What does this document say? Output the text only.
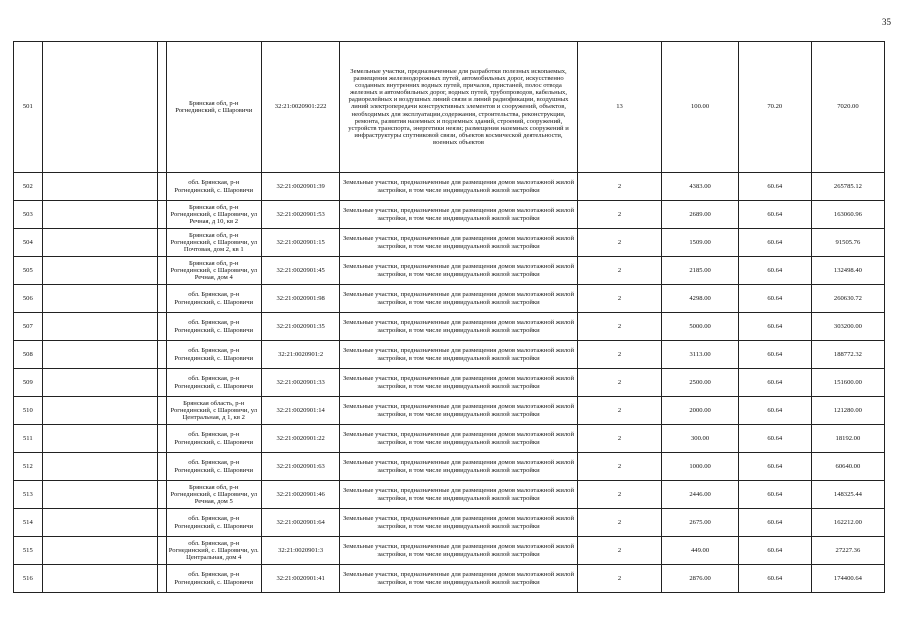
35
501			Брянская обл, р-н Рогнединский, с Шаровичи	32:21:0020901:222	Земельные участки, предназначенные для разработки полезных ископаемых, размещения железнодорожных путей, автомобильных дорог, искусственно созданных внутренних водных путей, причалов, пристаней, полос отвода железных и автомобильных дорог, водных путей, трубопроводов, кабельных, радиорелейных и воздушных линий связи и линий радиофикации, воздушных линий электропередачи конструктивных элементов и сооружений, объектов, необходимых для эксплуатации,содержания, строительства, реконструкции, ремонта, развития наземных и подземных зданий, строений, сооружений, устройств транспорта, энергетики неязи; размещения наземных сооружений и инфраструктуры спутниковой связи, объектов космической деятельности, военных объектов	13	100.00	70.20	7020.00
502			обл. Брянская, р-н Рогнединский, с. Шаровичи	32:21:0020901:39	Земельные участки, предназначенные для размещения домов малоэтажной жилой застройки, в том числе индивидуальной жилой застройки	2	4383.00	60.64	265785.12
503			Брянская обл, р-н Рогнединский, с Шаровичи, ул Речная, д 10, кв 2	32:21:0020901:53	Земельные участки, предназначенные для размещения домов малоэтажной жилой застройки, в том числе индивидуальной жилой застройки	2	2689.00	60.64	163060.96
504			Брянская обл, р-н Рогнединский, с Шаровичи, ул Почтовая, дом 2, кв 1	32:21:0020901:15	Земельные участки, предназначенные для размещения домов малоэтажной жилой застройки, в том числе индивидуальной жилой застройки	2	1509.00	60.64	91505.76
505			Брянская обл, р-н Рогнединский, с Шаровичи, ул Речная, дом 4	32:21:0020901:45	Земельные участки, предназначенные для размещения домов малоэтажной жилой застройки, в том числе индивидуальной жилой застройки	2	2185.00	60.64	132498.40
506			обл. Брянская, р-н Рогнединский, с. Шаровичи	32:21:0020901:98	Земельные участки, предназначенные для размещения домов малоэтажной жилой застройки, в том числе индивидуальной жилой застройки	2	4298.00	60.64	260630.72
507			обл. Брянская, р-н Рогнединский, с. Шаровичи	32:21:0020901:35	Земельные участки, предназначенные для размещения домов малоэтажной жилой застройки, в том числе индивидуальной жилой застройки	2	5000.00	60.64	303200.00
508			обл. Брянская, р-н Рогнединский, с. Шаровичи	32:21:0020901:2	Земельные участки, предназначенные для размещения домов малоэтажной жилой застройки, в том числе индивидуальной жилой застройки	2	3113.00	60.64	188772.32
509			обл. Брянская, р-н Рогнединский, с. Шаровичи	32:21:0020901:33	Земельные участки, предназначенные для размещения домов малоэтажной жилой застройки, в том числе индивидуальной жилой застройки	2	2500.00	60.64	151600.00
510			Брянская область, р-н Рогнединский, с Шаровичи, ул Центральная, д 1, кв 2	32:21:0020901:14	Земельные участки, предназначенные для размещения домов малоэтажной жилой застройки, в том числе индивидуальной жилой застройки	2	2000.00	60.64	121280.00
511			обл. Брянская, р-н Рогнединский, с. Шаровичи	32:21:0020901:22	Земельные участки, предназначенные для размещения домов малоэтажной жилой застройки, в том числе индивидуальной жилой застройки	2	300.00	60.64	18192.00
512			обл. Брянская, р-н Рогнединский, с. Шаровичи	32:21:0020901:63	Земельные участки, предназначенные для размещения домов малоэтажной жилой застройки, в том числе индивидуальной жилой застройки	2	1000.00	60.64	60640.00
513			Брянская обл, р-н Рогнединский, с Шаровичи, ул Речная, дом 5	32:21:0020901:46	Земельные участки, предназначенные для размещения домов малоэтажной жилой застройки, в том числе индивидуальной жилой застройки	2	2446.00	60.64	148325.44
514			обл. Брянская, р-н Рогнединский, с. Шаровичи	32:21:0020901:64	Земельные участки, предназначенные для размещения домов малоэтажной жилой застройки, в том числе индивидуальной жилой застройки	2	2675.00	60.64	162212.00
515			обл. Брянская, р-н Рогнединский, с. Шаровичи, ул. Центральная, дом 4	32:21:0020901:3	Земельные участки, предназначенные для размещения домов малоэтажной жилой застройки, в том числе индивидуальной жилой застройки	2	449.00	60.64	27227.36
516			обл. Брянская, р-н Рогнединский, с. Шаровичи	32:21:0020901:41	Земельные участки, предназначенные для размещения домов малоэтажной жилой застройки, в том числе индивидуальной жилой застройки	2	2876.00	60.64	174400.64
